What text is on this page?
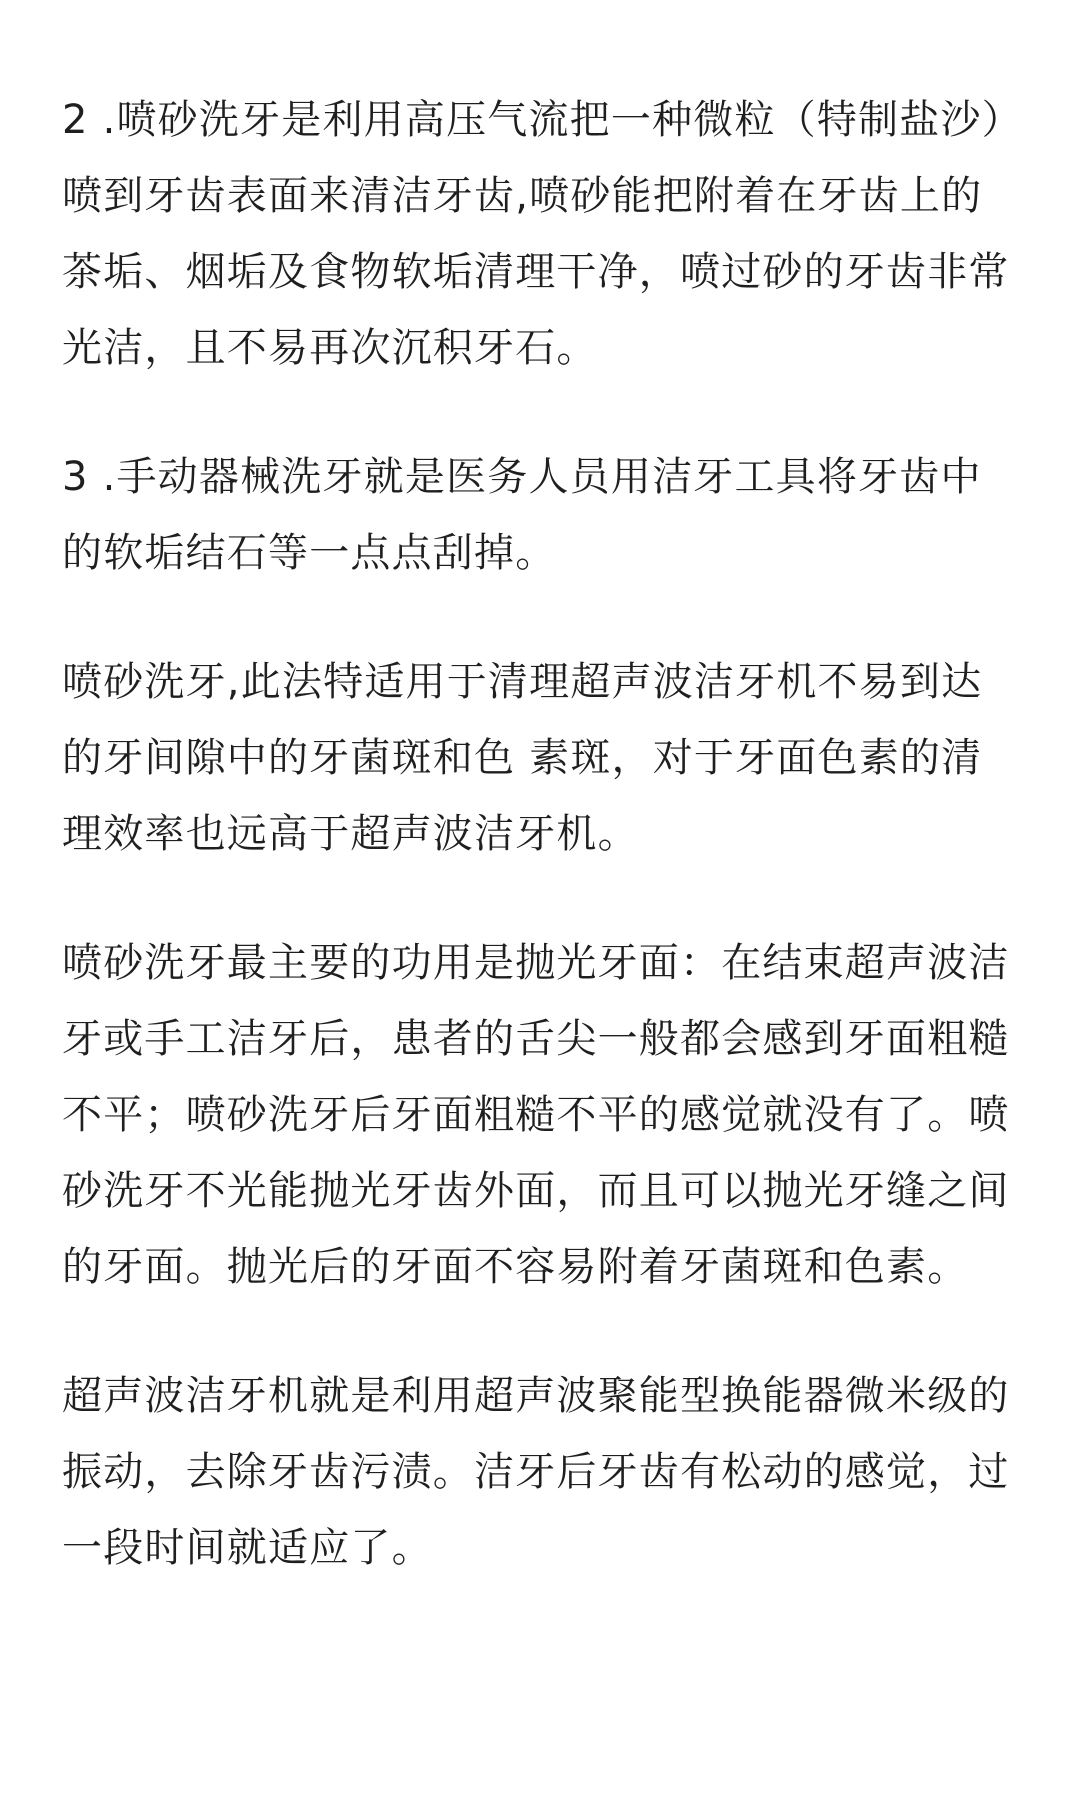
2 .喷砂洗牙是利用高压气流把一种微粒（特制盐沙）喷到牙齿表面来清洁牙齿,喷砂能把附着在牙齿上的茶垢、烟垢及食物软垢清理干净，喷过砂的牙齿非常光洁，且不易再次沉积牙石。

3 .手动器械洗牙就是医务人员用洁牙工具将牙齿中的软垢结石等一点点刮掉。

喷砂洗牙,此法特适用于清理超声波洁牙机不易到达的牙间隙中的牙菌斑和色 素斑，对于牙面色素的清理效率也远高于超声波洁牙机。

喷砂洗牙最主要的功用是抛光牙面：在结束超声波洁牙或手工洁牙后，患者的舌尖一般都会感到牙面粗糙不平；喷砂洗牙后牙面粗糙不平的感觉就没有了。喷砂洗牙不光能抛光牙齿外面，而且可以抛光牙缝之间的牙面。抛光后的牙面不容易附着牙菌斑和色素。

超声波洁牙机就是利用超声波聚能型换能器微米级的振动，去除牙齿污渍。洁牙后牙齿有松动的感觉，过一段时间就适应了。
